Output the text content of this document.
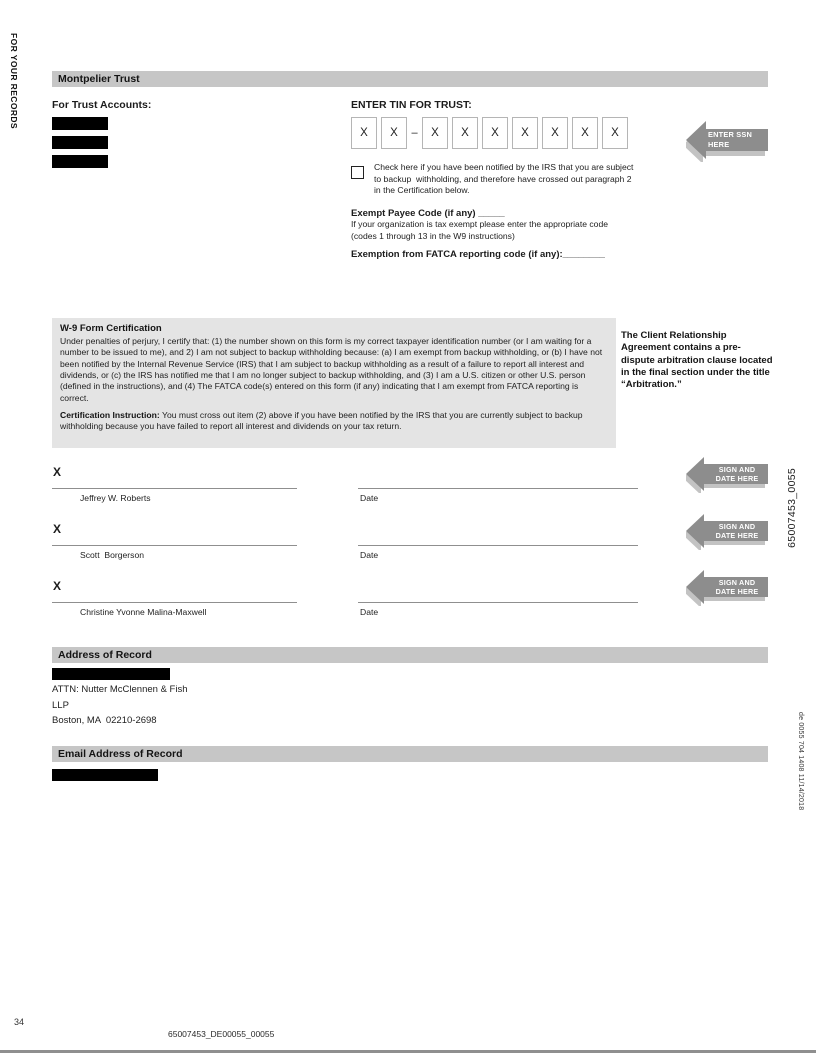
FOR YOUR RECORDS	Montpelier Trust
For Trust Accounts:	ENTER TIN FOR TRUST:
X	X	–	X	X	X	X	X	X	X
Check here if you have been notified by the IRS that you are subject to backup  withholding, and therefore have crossed out paragraph 2 in the Certification below.
Exempt Payee Code (if any) _____
If your organization is tax exempt please enter the appropriate code
(codes 1 through 13 in the W9 instructions)
Exemption from FATCA reporting code (if any):________
ENTER SSN HERE
W-9 Form Certification
Under penalties of perjury, I certify that: (1) the number shown on this form is my correct taxpayer identification number (or I am waiting for a number to be issued to me), and 2) I am not subject to backup withholding because: (a) I am exempt from backup withholding, or (b) I have not been notified by the Internal Revenue Service (IRS) that I am subject to backup withholding as a result of a failure to report all interest and dividends, or (c) the IRS has notified me that I am no longer subject to backup withholding, and (3) I am a U.S. citizen or other U.S. person (defined in the instructions), and (4) The FATCA code(s) entered on this form (if any) indicating that I am exempt from FATCA reporting is correct.
Certification Instruction: You must cross out item (2) above if you have been notified by the IRS that you are currently subject to backup withholding because you have failed to report all interest and dividends on your tax return.
The Client Relationship Agreement contains a pre-dispute arbitration clause located in the final section under the title “Arbitration.”
X
Jeffrey W. Roberts	Date
X
Scott  Borgerson	Date
X
Christine Yvonne Malina-Maxwell	Date
SIGN AND
DATE HERE
SIGN AND
DATE HERE
SIGN AND
DATE HERE
65007453_0055
Address of Record
ATTN: Nutter McClennen & Fish
LLP
Boston, MA  02210-2698
Email Address of Record	de 0055 704 1408 11/14/2018
34
65007453_DE00055_00055
